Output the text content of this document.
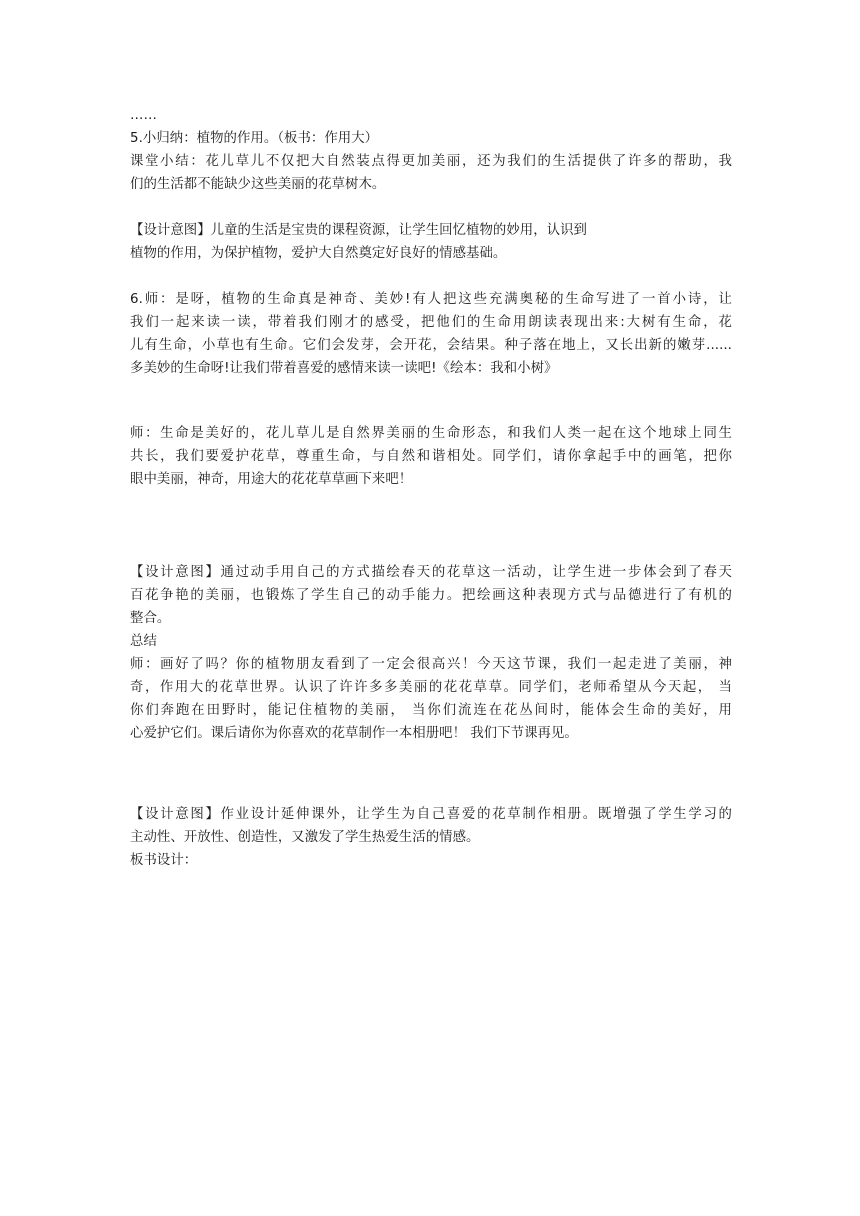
……
5.小归纳：植物的作用。（板书：作用大）
课堂小结：花儿草儿不仅把大自然装点得更加美丽，还为我们的生活提供了许多的帮助，我
们的生活都不能缺少这些美丽的花草树木。
【设计意图】儿童的生活是宝贵的课程资源，让学生回忆植物的妙用，认识到
植物的作用，为保护植物，爱护大自然奠定好良好的情感基础。
6.师：是呀，植物的生命真是神奇、美妙!有人把这些充满奥秘的生命写进了一首小诗，让
我们一起来读一读，带着我们刚才的感受，把他们的生命用朗读表现出来:大树有生命，花
儿有生命，小草也有生命。它们会发芽，会开花，会结果。种子落在地上，又长出新的嫩芽......
多美妙的生命呀!让我们带着喜爱的感情来读一读吧!《绘本：我和小树》
师：生命是美好的，花儿草儿是自然界美丽的生命形态，和我们人类一起在这个地球上同生
共长，我们要爱护花草，尊重生命，与自然和谐相处。同学们，请你拿起手中的画笔，把你
眼中美丽，神奇，用途大的花花草草画下来吧！
【设计意图】通过动手用自己的方式描绘春天的花草这一活动，让学生进一步体会到了春天
百花争艳的美丽，也锻炼了学生自己的动手能力。把绘画这种表现方式与品德进行了有机的
整合。
总结
师：画好了吗？你的植物朋友看到了一定会很高兴！今天这节课，我们一起走进了美丽，神
奇，作用大的花草世界。认识了许许多多美丽的花花草草。同学们，老师希望从今天起， 当
你们奔跑在田野时，能记住植物的美丽， 当你们流连在花丛间时，能体会生命的美好，用
心爱护它们。课后请你为你喜欢的花草制作一本相册吧！ 我们下节课再见。
【设计意图】作业设计延伸课外，让学生为自己喜爱的花草制作相册。既增强了学生学习的
主动性、开放性、创造性，又激发了学生热爱生活的情感。
板书设计：
